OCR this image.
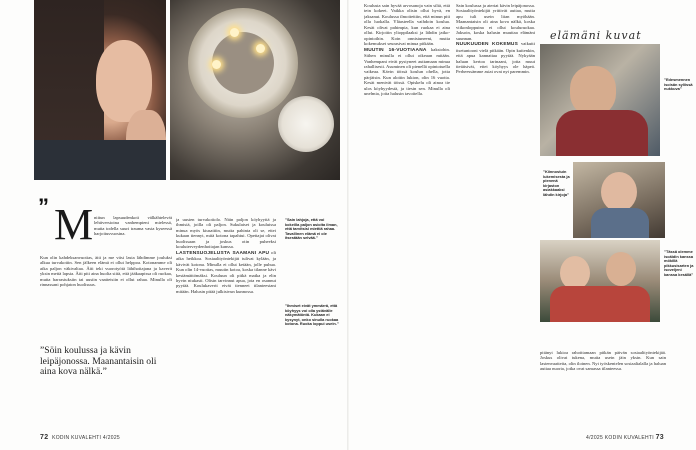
” M niitun lapsuudenkoti välkähtelevät lehtiversioina vanhempieni mielessä, mutta todella suuri trauma vasta kyseessä harjoitusvuosina.

Kun olin kahdeksanvuotias, äiti ja me viisi lasta lähdimme jouluksi alkua turvakotiin. Sen jälkeen elämä ei ollut helppoa. Kotonamme oli aika paljon väkivaltaa. Äiti teki vuorotyötä lähihoitajana ja kaverit yksin mettä lapsia. Äiti piti aina huolta siitä, että jääkaapissa oli ruokaa, mutta harrastuksiin tai uusiin vaatteisiin ei ollut rahaa. Minulla oli rinnassani pohjaton huolisuus.

”Söin koulussa ja kävin leipäjonossa. Maanantaisin oli aina kova nälkä.”

ja uusien turvakotiolo. Näin paljon köyhyyttä ja ihmisiä, joilla oli paljon. Sukulaiset ja kouluissa minua myös kiusattiin, mutta pahinta oli se, ettei kukaan tiennyt, mitä kotona tapahtui. Opettajat olivat huolissaan ja joskus otin puheeksi kouluterveydenhoitajan kanssa.

LASTENSUOJELUSTA SAAMANI APU oli aika heikkoa. Sosiaalityöntekijät tulivat kylään, ja kävivät kotona. Minulla ei ollut ketään, jolle puhua. Kun olin 14-vuotias, muutin kotoa, koska tilanne kävi kestämättömäksi. Kouluun oli pitkä matka ja elin hyvin niukasti. Olisin tarvinnut apua, jota en osannut pyytää. Koulukaverit eivät tienneet tilanteestani mitään. Halusin pitää julkisivun kunnossa.

”Sain lahjoja, että voi kokeilla paljon asioita ilman, että tarvitsisi miettiä rahaa. Tavallinen elämä ei ole itsestään selvää.”
”Ihmiset eivät ymmärrä, että köyhyys voi olla ystävälle näkymätöntä. Kukaan ei kysynyt, onko sinulla ruokaa kotona. Ruoka loppui usein.”
72 KODIN KUVALEHTI 4/2025

Koulusta sain hyvää arvosanoja vain siltä, että tein kokeet. Vaikka olisin ollut hyvä, en jaksanut. Koulussa ilmoitettiin, että minun piti olla luokalla. Yläasteella vaihdoin koulua. Kesät olivat pahimpia, kun ruokaa ei aina ollut. Kirjoitin ylioppilaaksi ja lähdin jatko-opintoihin. Koin onnistuneeni, mutta kokemukset seurasivat minua pitkään.

MUUTIN 16-VUOTIAANA kaksiohin. Siihen minulla ei ollut oikeaan mitään. Vanhempani eivät pystyneet auttamaan minua rahallisesti. Asuminen oli pienellä opintotuella vaikeaa. Kävin töissä koulun ohella, jotta pärjäisin. Kun aloitin lukion, olin 16 vuotta. Kesät menivät töissä. Opiskelu oli ainoa tie ulos köyhyydestä, ja tiesin sen. Minulla oli unelmia, joita halusin tavoitella.

Sain koulussa ja ateriat kävin leipäjonossa. Sosiaalityöntekijät yrittivät auttaa, mutta apu tuli usein liian myöhään. Maanantaisin oli aina kova nälkä, koska viikonloppuina ei ollut kouluruokaa. Jaksoin, koska halusin muuttaa elämäni suunnan.

NUUKUUDEN KOKEMUS vaikutti itsetuntooni vielä pitkään. Opin kuitenkin, että apua kannattaa pyytää. Nykyään haluan kertoa tarinaani, jotta muut tietäisivät, ettei köyhyys ole häpeä. Perheessämme asiat ovat nyt paremmin.

elämäni kuvat
”Edesmennen isoisän syliissä nukkuva”
”Kiinnostuin lukemisesta ja pienenä kirjaston asiakkaaksi lähdin kirjoja”
”Tässä olemme isoäidin kanssa mökillä pikkusisarten ja isoveljeni kanssa kesällä”

pitänyt lukioa rahoittamaan pitkän päivän sosiaalityöntekijää. Joskus olivat tukena, mutta usein jäin yksin. Kun sain lastenvaatteita, olin iloinen. Nyt työskentelen sosiaalialalla ja haluan auttaa nuoria, jotka ovat samassa tilanteessa.

4/2025 KODIN KUVALEHTI 73
